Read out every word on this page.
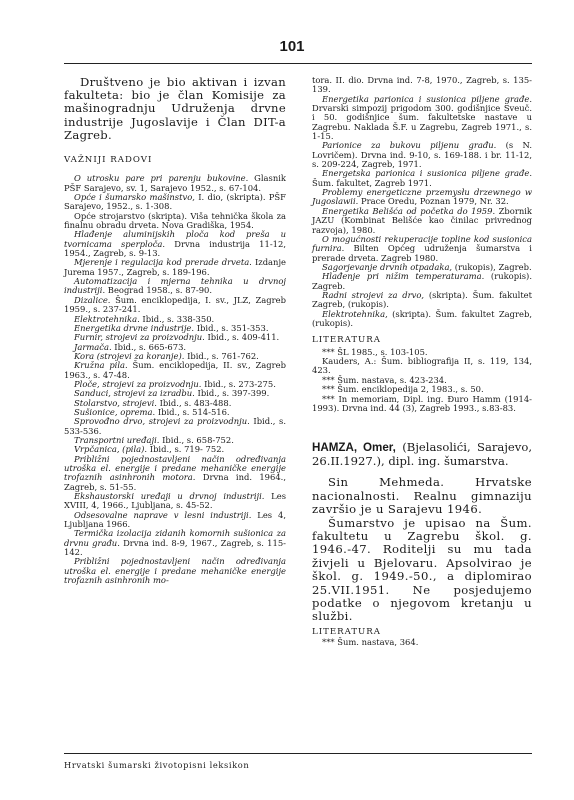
101

Društveno je bio aktivan i izvan fakulteta: bio je član Komisije za mašinogradnju Udruženja drvne industrije Jugoslavije i Član DIT-a Zagreb.

VAŽNIJI RADOVI

O utrosku pare pri parenju bukovine. Glasnik PŠF Sarajevo, sv. 1, Sarajevo 1952., s. 67-104.

Opće i šumarsko mašinstvo, I. dio, (skripta). PŠF Sarajevo, 1952., s. 1-308.

Opće strojarstvo (skripta). Viša tehnička škola za finalnu obradu drveta. Nova Gradiška, 1954.

Hlađenje aluminijskih ploča kod preša u tvornicama sperploča. Drvna industrija 11-12, 1954., Zagreb, s. 9-13.

Mjerenje i regulacija kod prerade drveta. Izdanje Jurema 1957., Zagreb, s. 189-196.

Automatizacija i mjerna tehnika u drvnoj industriji. Beograd 1958., s. 87-90.

Dizalice. Šum. enciklopedija, I. sv., JLZ, Zagreb 1959., s. 237-241.

Elektrotehnika. Ibid., s. 338-350.

Energetika drvne industrije. Ibid., s. 351-353.

Furnir, strojevi za proizvodnju. Ibid., s. 409-411.

Jarmača. Ibid., s. 665-673.

Kora (strojevi za koranje). Ibid., s. 761-762.

Kružna pila. Šum. enciklopedija, II. sv., Zagreb 1963., s. 47-48.

Ploče, strojevi za proizvodnju. Ibid., s. 273-275.

Sanduci, strojevi za izradbu. Ibid., s. 397-399.

Stolarstvo, strojevi. Ibid., s. 483-488.

Sušionice, oprema. Ibid., s. 514-516.

Sprovođno drvo, strojevi za proizvodnju. Ibid., s. 533-536.

Transportni uređaji. Ibid., s. 658-752.

Vrpčanica, (pila). Ibid., s. 719- 752.

Približni pojednostavljeni način određivanja utroška el. energije i predane mehaničke energije trofaznih asinhronih motora. Drvna ind. 1964., Zagreb, s. 51-55.

Ekshaustorski uređaji u drvnoj industriji. Les XVIII, 4, 1966., Ljubljana, s. 45-52.

Odsesovalne naprave v lesni industriji. Les 4, Ljubljana 1966.

Termička izolacija zidanih komornih sušionica za drvnu građu. Drvna ind. 8-9, 1967., Zagreb, s. 115-142.

Približni pojednostavljeni način određivanja utroška el. energije i predane mehaničke energije trofaznih asinhronih mo-

tora. II. dio. Drvna ind. 7-8, 1970., Zagreb, s. 135-139.

Energetika parionica i susionica piljene građe. Drvarski simpozij prigodom 300. godišnjice Sveuč. i 50. godišnjice šum. fakultetske nastave u Zagrebu. Naklada Š.F. u Zagrebu, Zagreb 1971., s. 1-15.

Parionice za bukovu piljenu građu. (s N. Lovričem). Drvna ind. 9-10, s. 169-188. i br. 11-12, s. 209-224, Zagreb, 1971.

Energetska parionica i susionica piljene građe. Šum. fakultet, Zagreb 1971.

Problemy energeticzne przemysłu drzewnego w Jugoslawii. Prace Oredu, Poznan 1979, Nr. 32.

Energetika Belišća od početka do 1959. Zbornik JAZU (Kombinat Belišće kao činilac privrednog razvoja), 1980.

O mogućnosti rekuperacije topline kod susionica furnira. Bilten Općeg udruženja šumarstva i prerade drveta. Zagreb 1980.

Sagorjevanje drvnih otpadaka, (rukopis), Zagreb.

Hlađenje pri nižim temperaturama. (rukopis). Zagreb.

Radni strojevi za drvo, (skripta). Šum. fakultet Zagreb, (rukopis).

Elektrotehnika, (skripta). Šum. fakultet Zagreb, (rukopis).

LITERATURA

*** ŠL 1985., s. 103-105.

Kauders, A.: Šum. bibliografija II, s. 119, 134, 423.

*** Šum. nastava, s. 423-234.

*** Šum. enciklopedija 2, 1983., s. 50.

*** In memoriam, Dipl. ing. Đuro Hamm (1914-1993). Drvna ind. 44 (3), Zagreb 1993., s.83-83.

HAMZA, Omer, (Bjelasolići, Sarajevo, 26.II.1927.), dipl. ing. šumarstva.

Sin Mehmeda. Hrvatske nacionalnosti. Realnu gimnaziju završio je u Sarajevu 1946.

Šumarstvo je upisao na Šum. fakultetu u Zagrebu škol. g. 1946.-47. Roditelji su mu tada živjeli u Bjelovaru. Apsolvirao je škol. g. 1949.-50., a diplomirao 25.VII.1951. Ne posjedujemo podatke o njegovom kretanju u službi.

LITERATURA

*** Šum. nastava, 364.

Hrvatski šumarski životopisni leksikon
